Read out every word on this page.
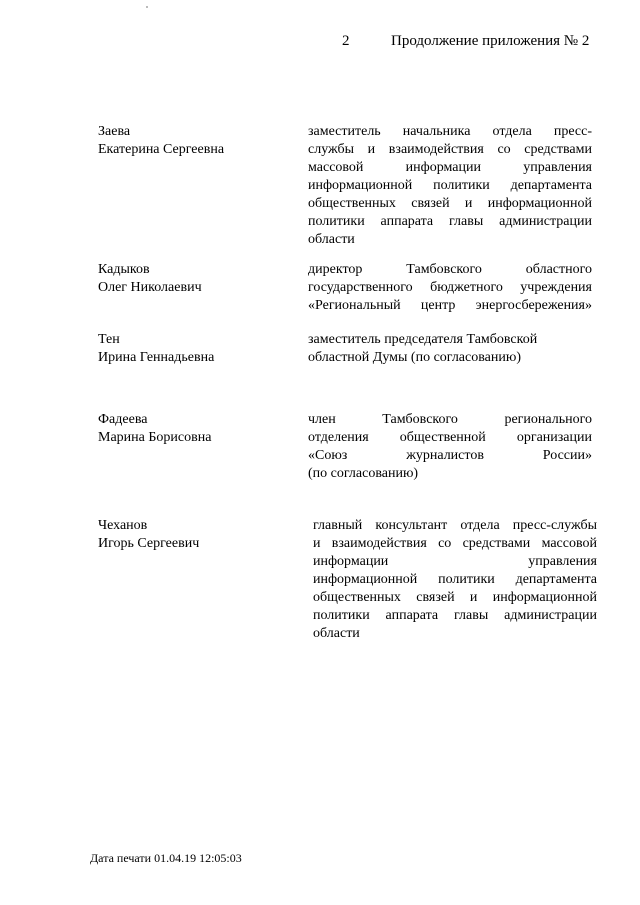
2	Продолжение приложения № 2
Заева
Екатерина Сергеевна
заместитель начальника отдела пресс-
службы и взаимодействия со средствами
массовой информации управления
информационной политики департамента
общественных связей и информационной
политики аппарата главы администрации
области
Кадыков
Олег Николаевич
директор Тамбовского областного
государственного бюджетного учреждения
«Региональный центр энергосбережения»
Тен
Ирина Геннадьевна
заместитель председателя Тамбовской
областной Думы (по согласованию)
Фадеева
Марина Борисовна
член Тамбовского регионального
отделения общественной организации
«Союз журналистов России»
(по согласованию)
Чеханов
Игорь Сергеевич
главный консультант отдела пресс-службы
и взаимодействия со средствами массовой
информации управления
информационной политики департамента
общественных связей и информационной
политики аппарата главы администрации
области
Дата печати 01.04.19 12:05:03
